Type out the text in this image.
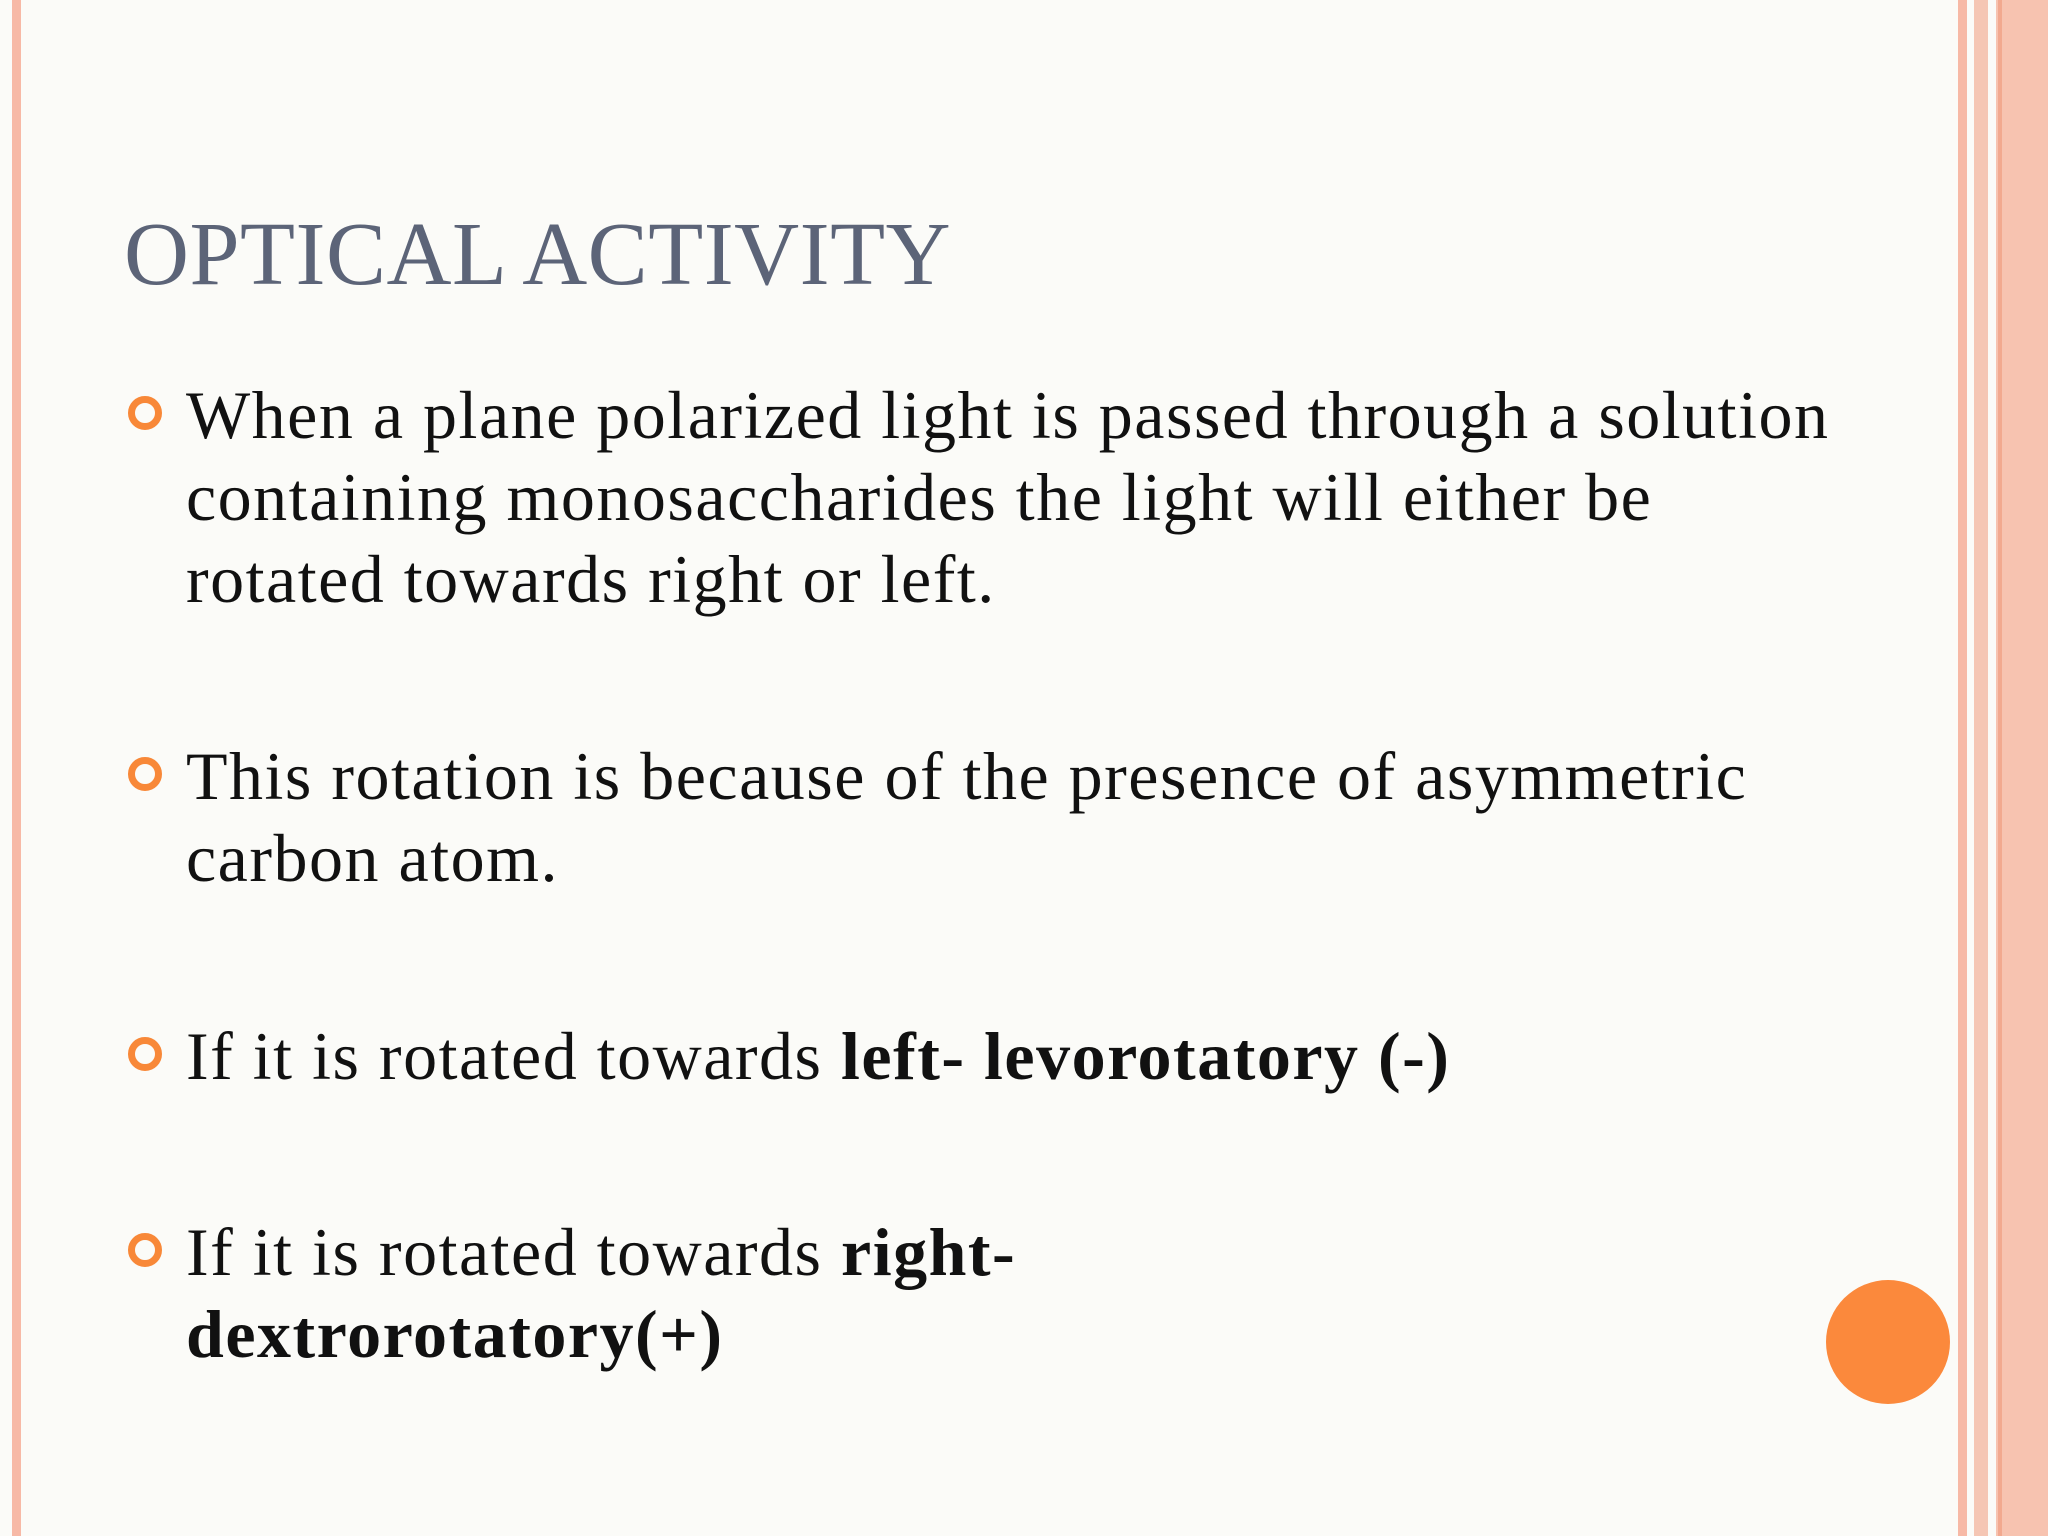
OPTICAL ACTIVITY

When a plane polarized light is passed through a solution containing monosaccharides the light will either be rotated towards right or left.

This rotation is because of the presence of asymmetric carbon atom.

If it is rotated towards left- levorotatory (-)

If it is rotated towards right-dextrorotatory(+)
